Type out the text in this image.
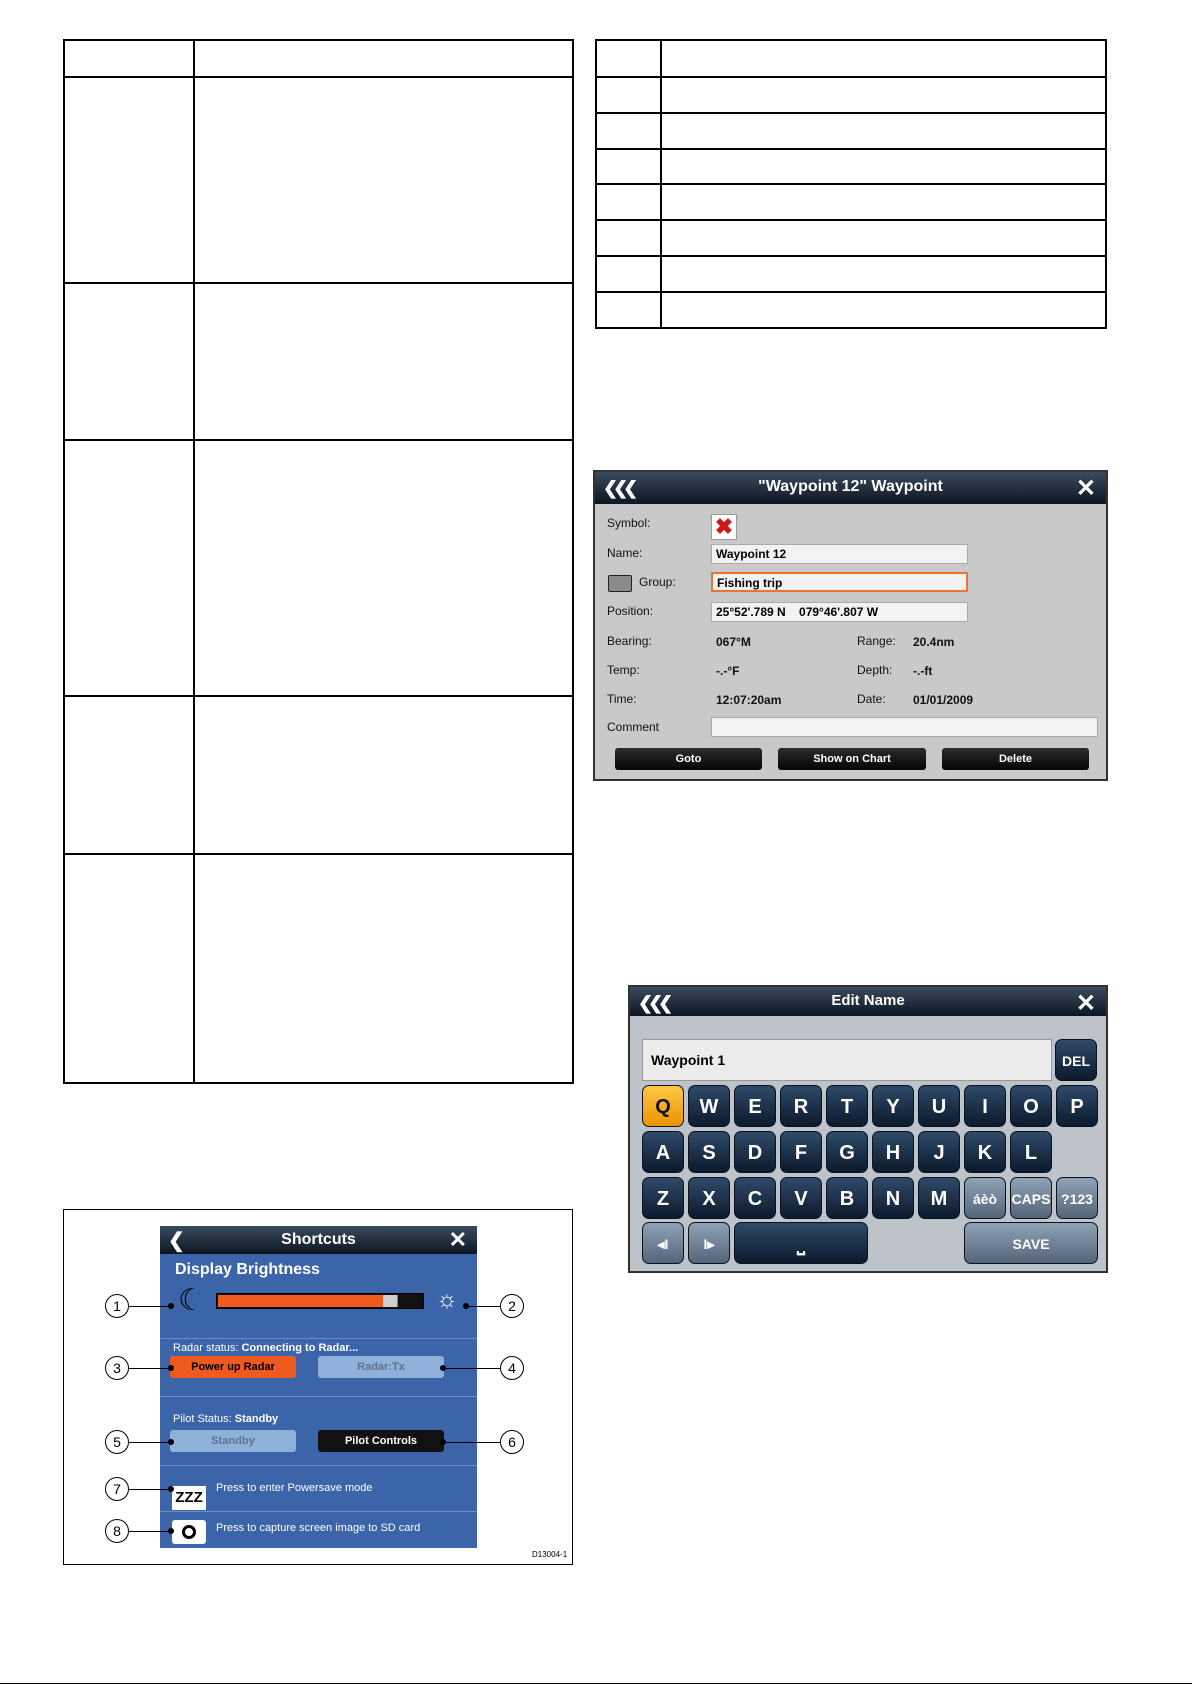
❮❮❮	"Waypoint 12" Waypoint	✕
Symbol:	✖
Name:	Waypoint 12
Group:	Fishing trip
Position:	25°52'.789 N    079°46'.807 W
Bearing:	067°M	Range: 20.4nm
Temp:	-.-°F	Depth: -.-ft
Time:	12:07:20am	Date: 01/01/2009
Comment
Goto	Show on Chart	Delete
❮❮❮	Edit Name	✕
Waypoint 1	DEL
Q	W	E	R	T	Y	U	I	O	P
A	S	D	F	G	H	J	K	L
Z	X	C	V	B	N	M	áèò	CAPS ?123
◂I	I▸	⎵	SAVE
❮	Shortcuts	✕
Display Brightness
☾	☼
Radar status: Connecting to Radar...
Power up Radar	Radar:Tx
Pilot Status: Standby
Standby	Pilot Controls
ZZZ
Press to enter Powersave mode
Press to capture screen image to SD card
1	2
3	4
5	6
7
8
D13004-1
